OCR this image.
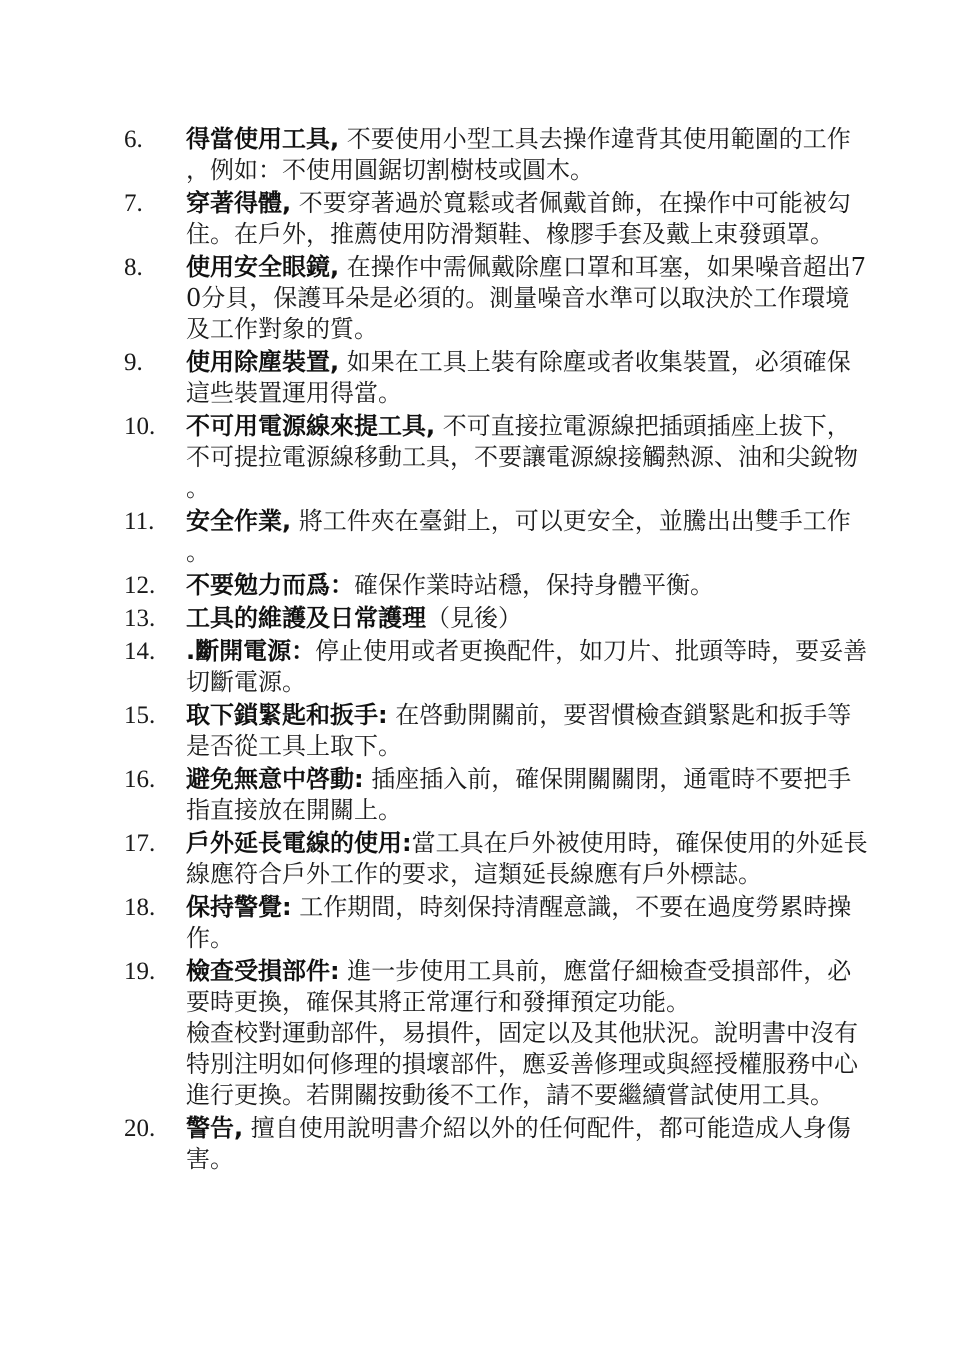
6.	得當使用工具, 不要使用小型工具去操作違背其使用範圍的工作，例如：不使用圓鋸切割樹枝或圓木。
7.	穿著得體, 不要穿著過於寬鬆或者佩戴首飾，在操作中可能被勾住。在戶外，推薦使用防滑類鞋、橡膠手套及戴上束發頭罩。
8.	使用安全眼鏡, 在操作中需佩戴除塵口罩和耳塞，如果噪音超出70分貝，保護耳朵是必須的。測量噪音水準可以取決於工作環境及工作對象的質。
9.	使用除塵裝置, 如果在工具上裝有除塵或者收集裝置，必須確保這些裝置運用得當。
10.	不可用電源線來提工具, 不可直接拉電源線把插頭插座上拔下，不可提拉電源線移動工具，不要讓電源線接觸熱源、油和尖銳物。
11.	安全作業, 將工件夾在臺鉗上，可以更安全，並騰出出雙手工作。
12.	不要勉力而爲：確保作業時站穩，保持身體平衡。
13.	工具的維護及日常護理（見後）
14.	.斷開電源：停止使用或者更換配件，如刀片、批頭等時，要妥善切斷電源。
15.	取下鎖緊匙和扳手: 在啓動開關前，要習慣檢查鎖緊匙和扳手等是否從工具上取下。
16.	避免無意中啓動: 插座插入前，確保開關關閉，通電時不要把手指直接放在開關上。
17.	戶外延長電線的使用:當工具在戶外被使用時，確保使用的外延長線應符合戶外工作的要求，這類延長線應有戶外標誌。
18.	保持警覺: 工作期間，時刻保持清醒意識，不要在過度勞累時操作。
19.	檢查受損部件: 進一步使用工具前，應當仔細檢查受損部件，必要時更換，確保其將正常運行和發揮預定功能。
檢查校對運動部件，易損件，固定以及其他狀況。說明書中沒有特別注明如何修理的損壞部件，應妥善修理或與經授權服務中心進行更換。若開關按動後不工作，請不要繼續嘗試使用工具。
20.	警告, 擅自使用說明書介紹以外的任何配件，都可能造成人身傷害。
